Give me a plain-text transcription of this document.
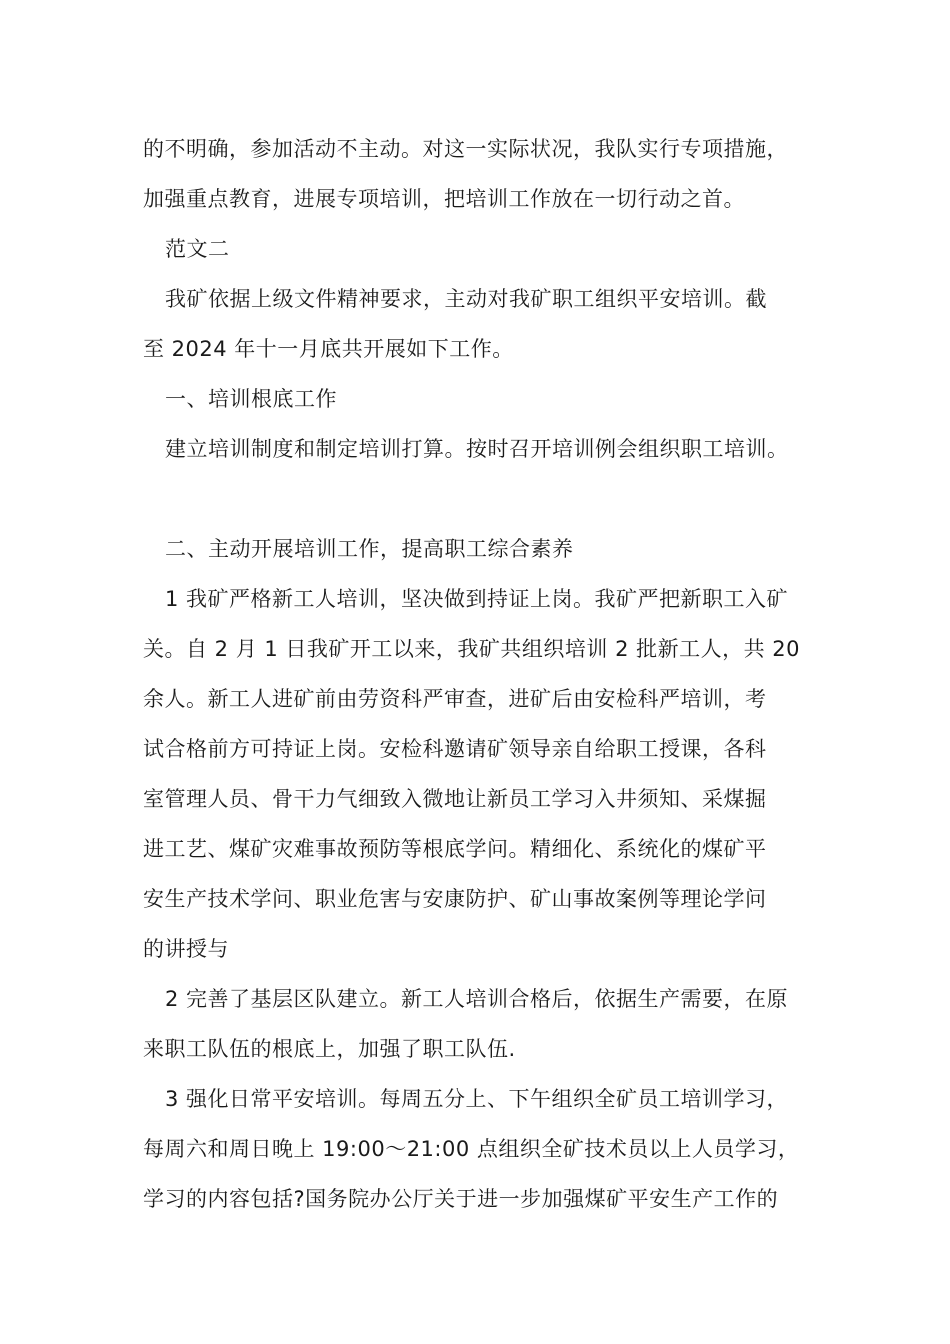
的不明确，参加活动不主动。对这一实际状况，我队实行专项措施，
加强重点教育，进展专项培训，把培训工作放在一切行动之首。
范文二
我矿依据上级文件精神要求，主动对我矿职工组织平安培训。截
至 2024 年十一月底共开展如下工作。
一、培训根底工作
建立培训制度和制定培训打算。按时召开培训例会组织职工培训。
二、主动开展培训工作，提高职工综合素养
1 我矿严格新工人培训，坚决做到持证上岗。我矿严把新职工入矿
关。自 2 月 1 日我矿开工以来，我矿共组织培训 2 批新工人，共 20
余人。新工人进矿前由劳资科严审查，进矿后由安检科严培训，考
试合格前方可持证上岗。安检科邀请矿领导亲自给职工授课，各科
室管理人员、骨干力气细致入微地让新员工学习入井须知、采煤掘
进工艺、煤矿灾难事故预防等根底学问。精细化、系统化的煤矿平
安生产技术学问、职业危害与安康防护、矿山事故案例等理论学问
的讲授与
2 完善了基层区队建立。新工人培训合格后，依据生产需要，在原
来职工队伍的根底上，加强了职工队伍.
3 强化日常平安培训。每周五分上、下午组织全矿员工培训学习，
每周六和周日晚上 19:00～21:00 点组织全矿技术员以上人员学习，
学习的内容包括?国务院办公厅关于进一步加强煤矿平安生产工作的
